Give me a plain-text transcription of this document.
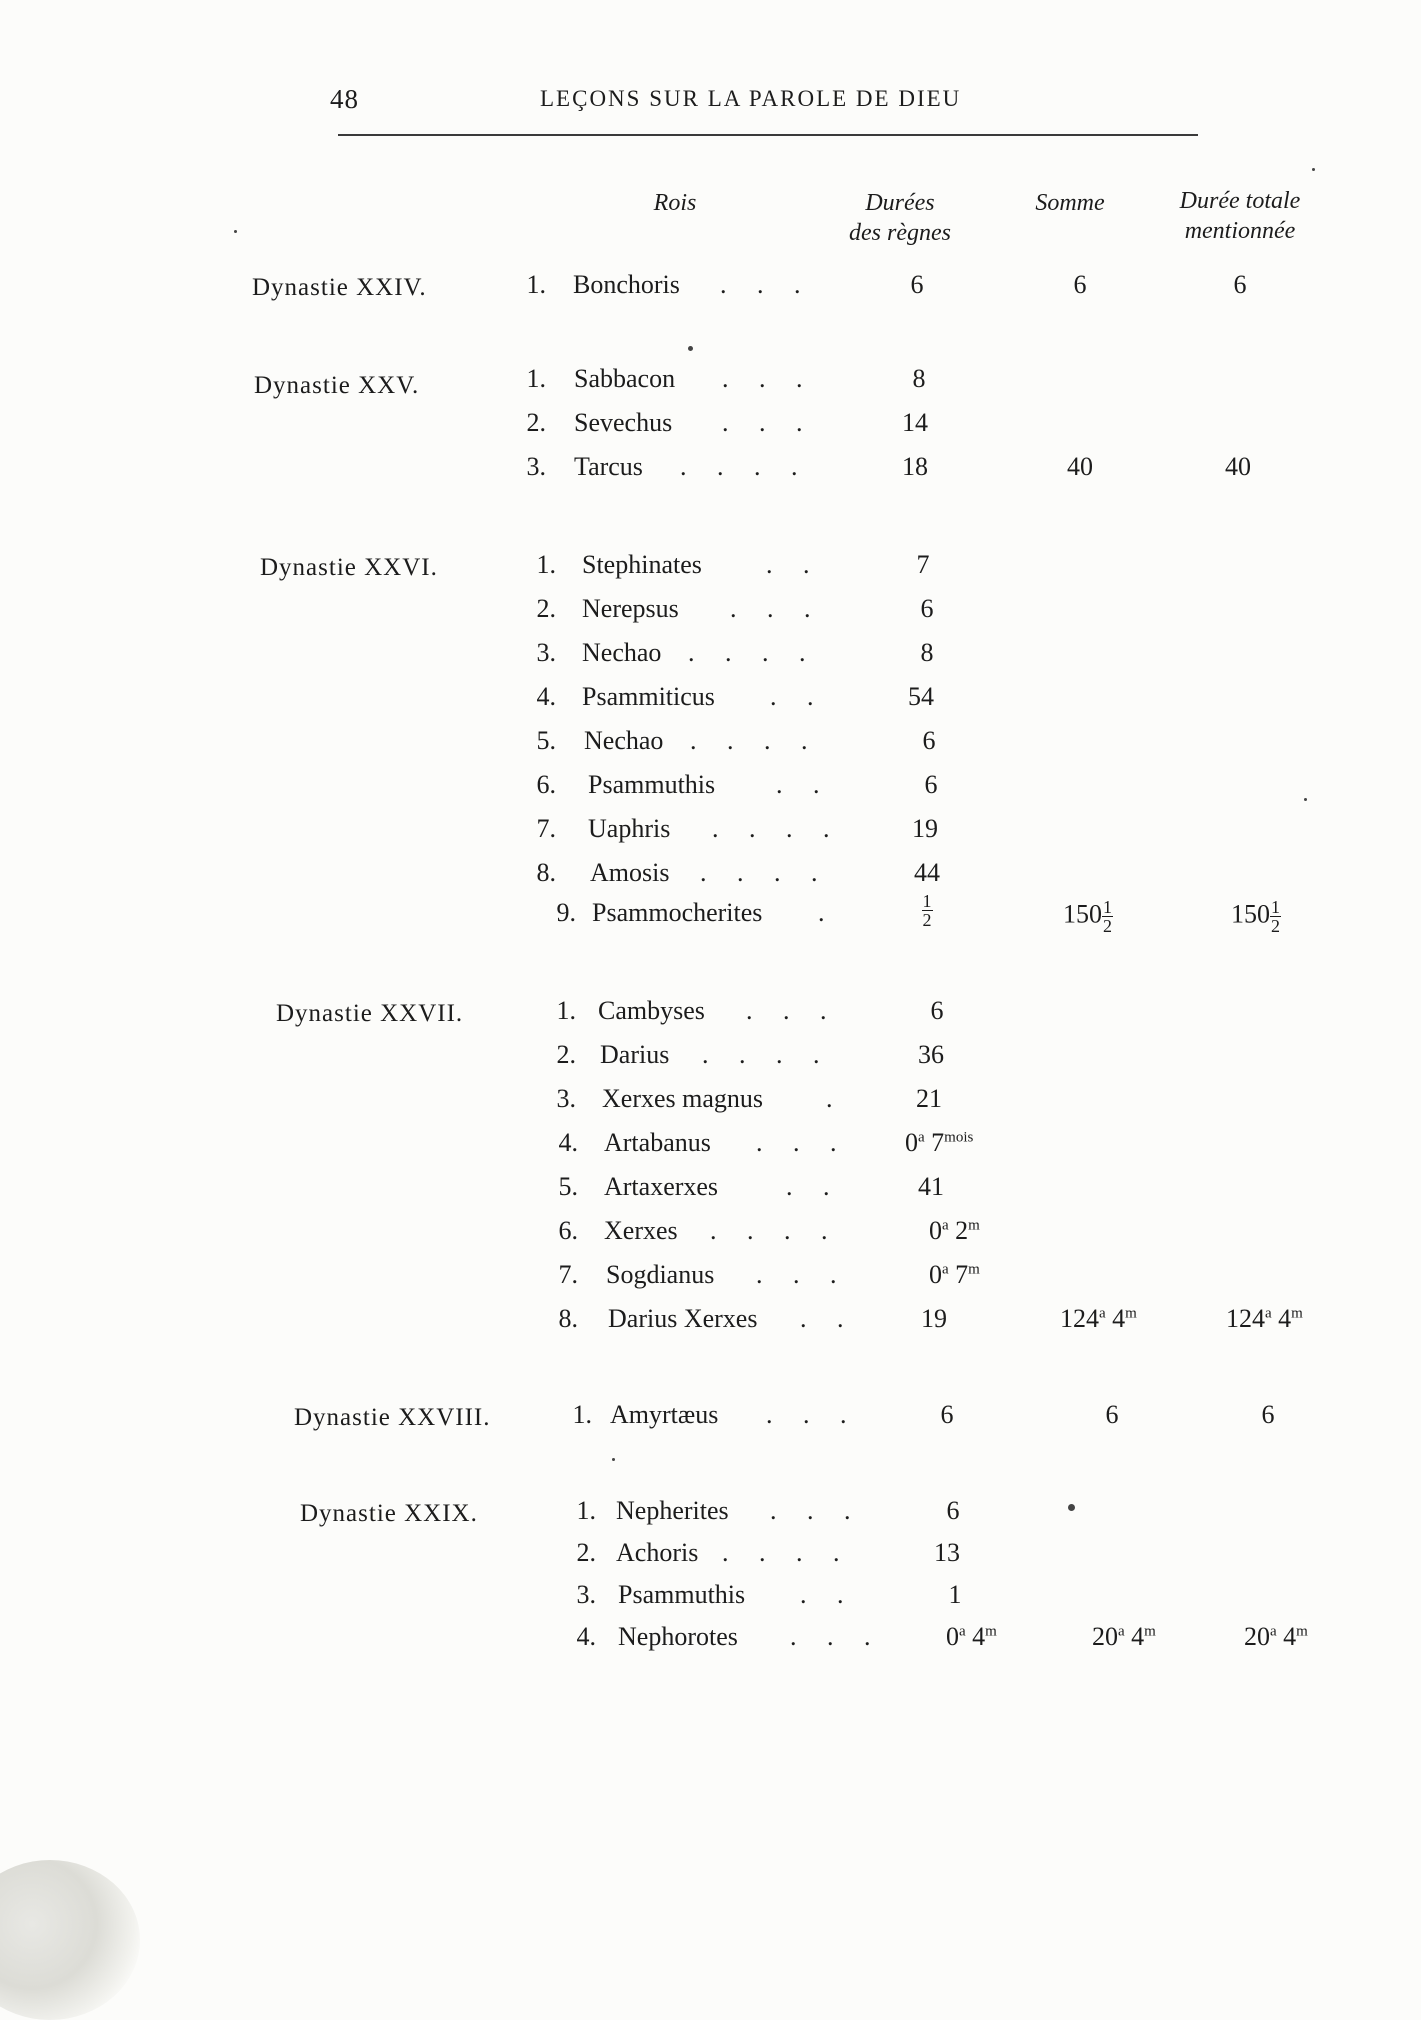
48	LEÇONS SUR LA PAROLE DE DIEU
Rois	Durées
des règnes
Somme	Durée totale
mentionnée
Dynastie XXIV.	1. Bonchoris . . .	6	6	6
Dynastie XXV.	1. Sabbacon . . .	8
2. Sevechus . . .	14
3. Tarcus . . . .	18	40	40
Dynastie XXVI.	1. Stephinates . .	7
2. Nerepsus . . .	6
3. Nechao . . . .	8
4. Psammiticus . .	54
5. Nechao . . . .	6
6. Psammuthis . .	6
7. Uaphris . . . .	19
8. Amosis . . . .	44
9. Psammocherites .	$\frac{1}{2}$	$150 \frac{1}{2}$	$150 \frac{1}{2}$
Dynastie XXVII.	1. Cambyses . . .	6
2. Darius . . . .	36
3. Xerxes magnus .	21
4. Artabanus . . . 0$^a$ $7^{mois}$
5. Artaxerxes	. .	41
6. Xerxes . . . .	0$^a$ 2$^m$
7. Sogdianus . . .	0$^a$ 7$^m$
8. Darius Xerxes . .	19	124$^a$ 4$^m$	124$^a$ 4$^m$
Dynastie XXVIII.	1. Amyrtæus . . .	6	6	6
Dynastie XXIX.	1. Nepherites . . .	6
2. Achoris . . . .	13
3. Psammuthis . .	1
4. Nephorotes . . . 0$^a$ 4$^m$	20$^a$ 4$^m$	20$^a$ 4$^m$
